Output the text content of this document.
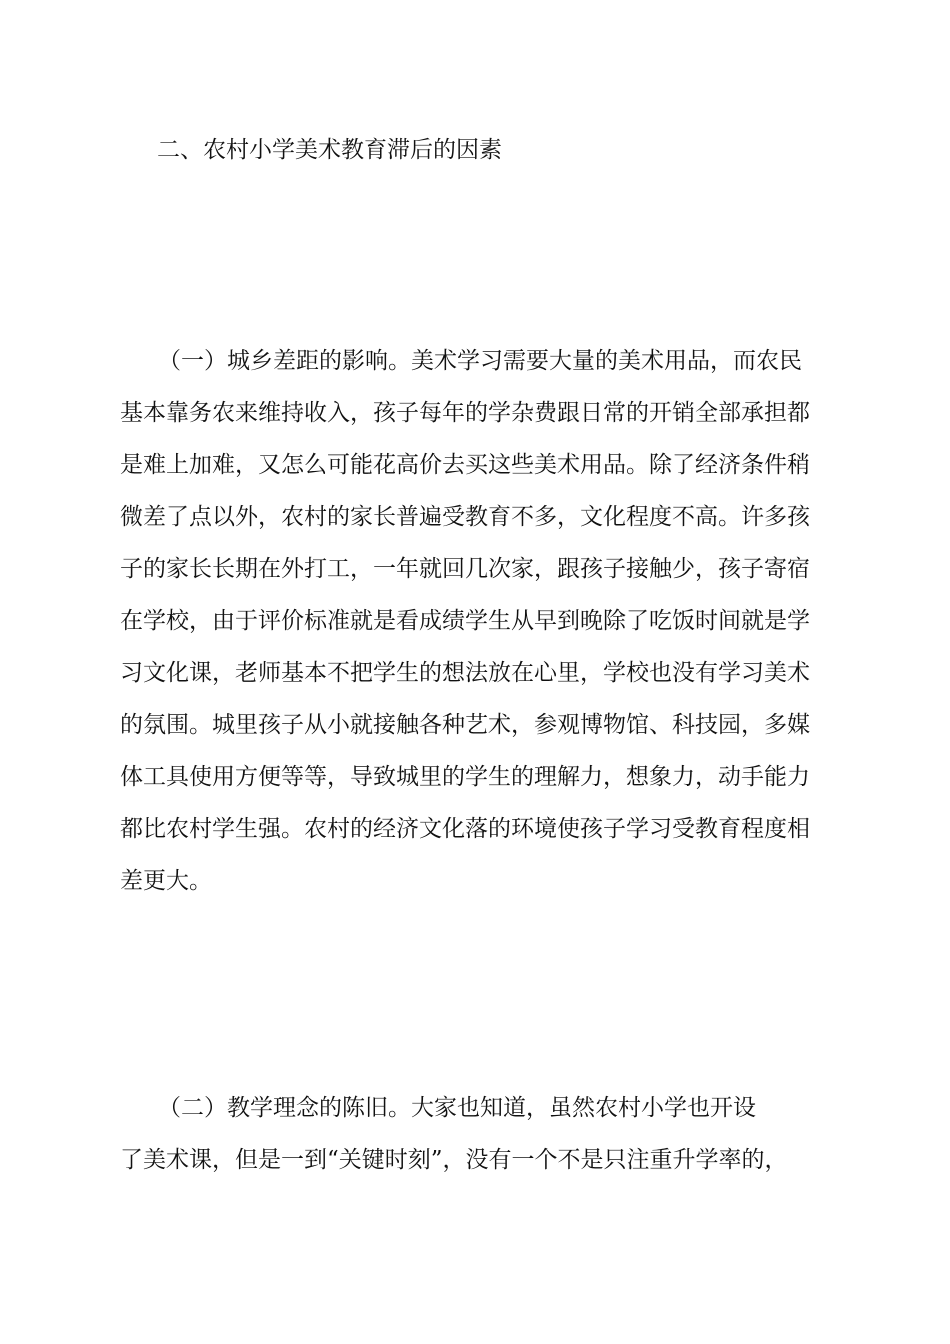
二、农村小学美术教育滞后的因素
（一）城乡差距的影响。美术学习需要大量的美术用品，而农民
基本靠务农来维持收入，孩子每年的学杂费跟日常的开销全部承担都
是难上加难，又怎么可能花高价去买这些美术用品。除了经济条件稍
微差了点以外，农村的家长普遍受教育不多，文化程度不高。许多孩
子的家长长期在外打工，一年就回几次家，跟孩子接触少，孩子寄宿
在学校，由于评价标准就是看成绩学生从早到晚除了吃饭时间就是学
习文化课，老师基本不把学生的想法放在心里，学校也没有学习美术
的氛围。城里孩子从小就接触各种艺术，参观博物馆、科技园，多媒
体工具使用方便等等，导致城里的学生的理解力，想象力，动手能力
都比农村学生强。农村的经济文化落的环境使孩子学习受教育程度相
差更大。
（二）教学理念的陈旧。大家也知道，虽然农村小学也开设
了美术课，但是一到“关键时刻”，没有一个不是只注重升学率的，
